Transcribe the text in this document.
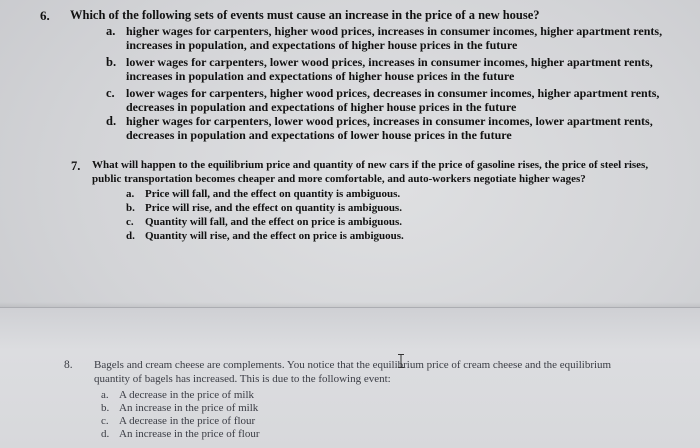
6. Which of the following sets of events must cause an increase in the price of a new house?
a. higher wages for carpenters, higher wood prices, increases in consumer incomes, higher apartment rents,
increases in population, and expectations of higher house prices in the future
b. lower wages for carpenters, lower wood prices, increases in consumer incomes, higher apartment rents,
increases in population and expectations of higher house prices in the future
c. lower wages for carpenters, higher wood prices, decreases in consumer incomes, higher apartment rents,
decreases in population and expectations of higher house prices in the future
d. higher wages for carpenters, lower wood prices, increases in consumer incomes, lower apartment rents,
decreases in population and expectations of lower house prices in the future
7. What will happen to the equilibrium price and quantity of new cars if the price of gasoline rises, the price of steel rises,
public transportation becomes cheaper and more comfortable, and auto-workers negotiate higher wages?
a. Price will fall, and the effect on quantity is ambiguous.
b. Price will rise, and the effect on quantity is ambiguous.
c. Quantity will fall, and the effect on price is ambiguous.
d. Quantity will rise, and the effect on price is ambiguous.
8. Bagels and cream cheese are complements. You notice that the equilibrium price of cream cheese and the equilibrium
quantity of bagels has increased. This is due to the following event:
a. A decrease in the price of milk
b. An increase in the price of milk
c. A decrease in the price of flour
d. An increase in the price of flour
